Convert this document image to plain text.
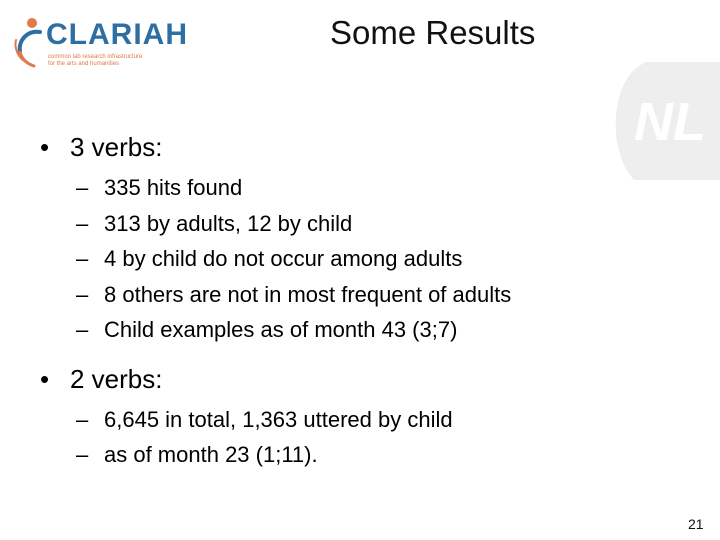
CLARIAH
common lab research infrastructure
for the arts and humanities
Some Results
NL

• 3 verbs:

– 335 hits found
– 313 by adults, 12 by child
– 4 by child do not occur among adults
– 8 others are not in most frequent of adults
– Child examples as of month 43 (3;7)

• 2 verbs:

– 6,645 in total, 1,363 uttered by child
– as of month 23 (1;11).
21
